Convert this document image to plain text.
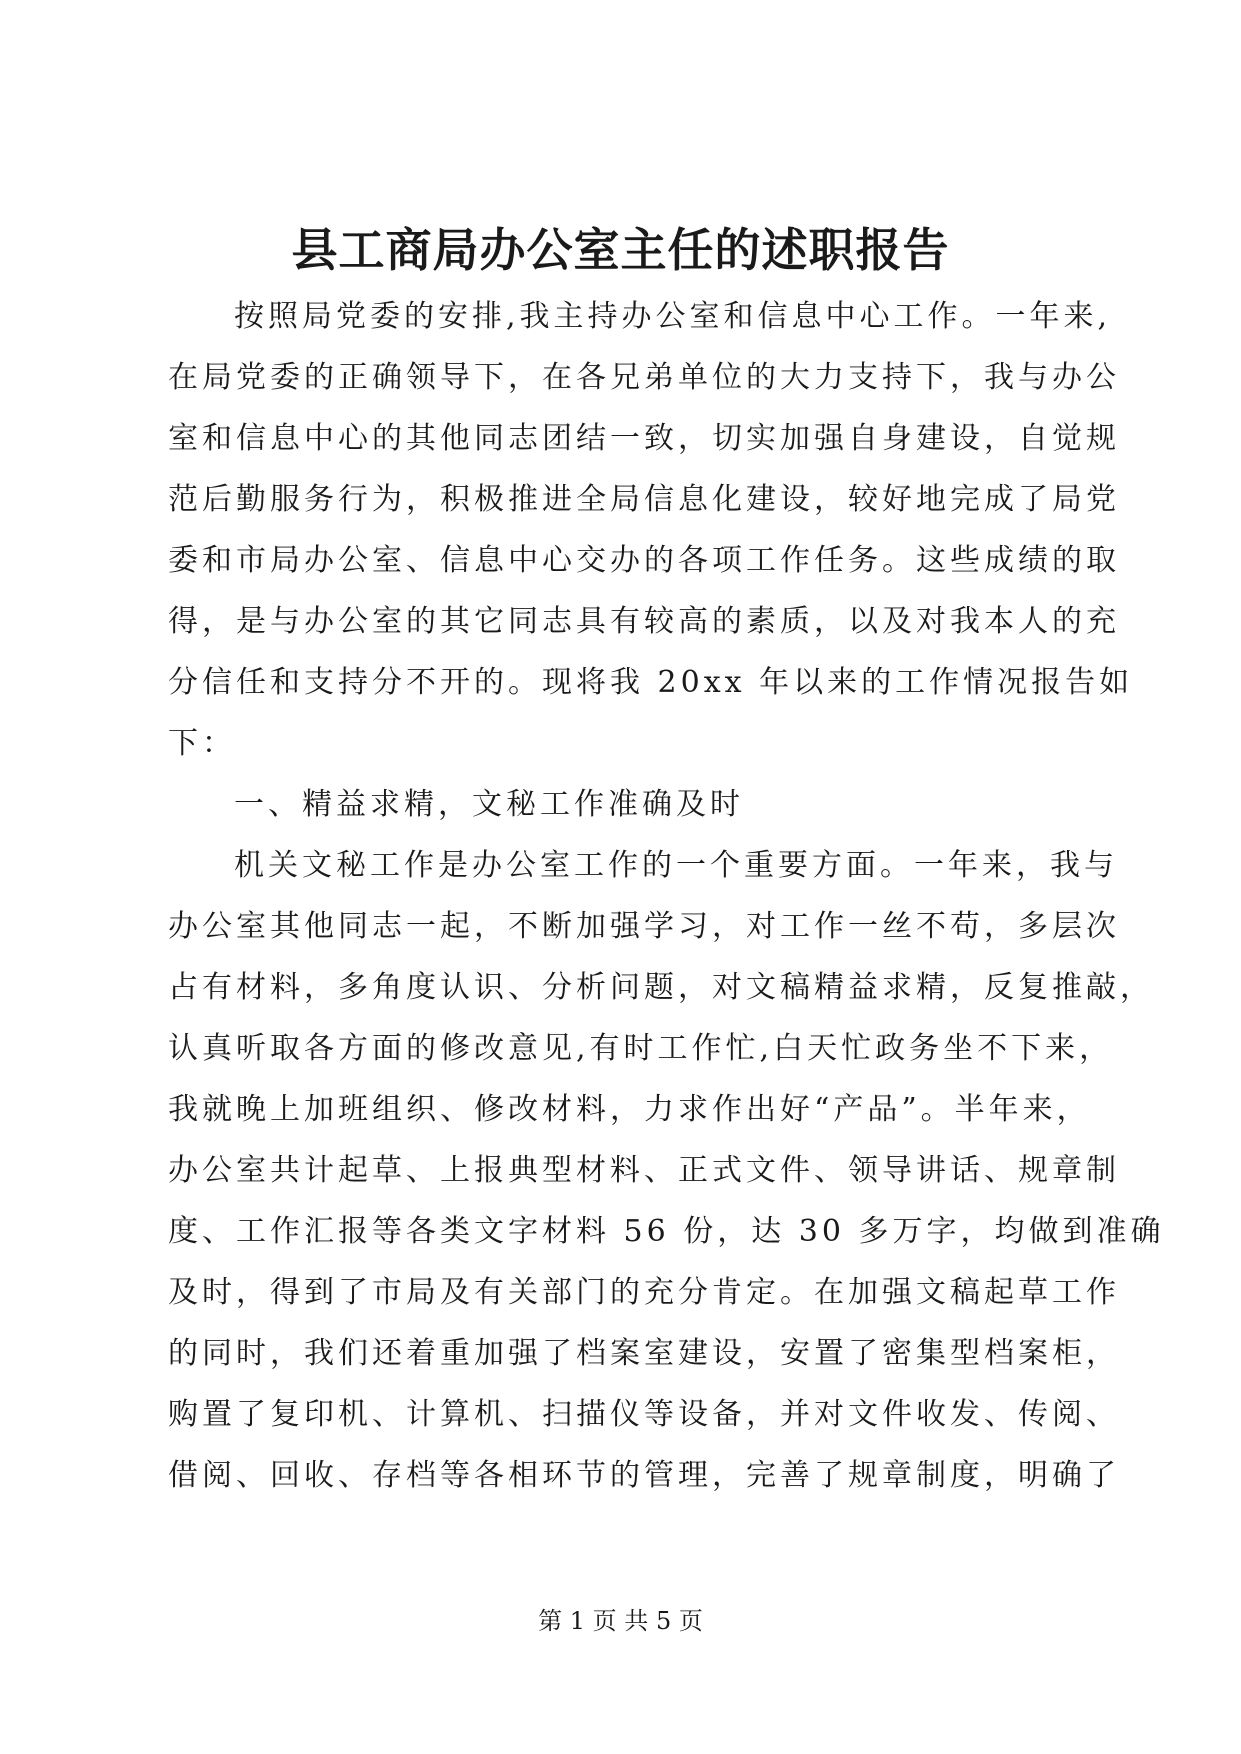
县工商局办公室主任的述职报告
按照局党委的安排,我主持办公室和信息中心工作。一年来,
在局党委的正确领导下，在各兄弟单位的大力支持下，我与办公
室和信息中心的其他同志团结一致，切实加强自身建设，自觉规
范后勤服务行为，积极推进全局信息化建设，较好地完成了局党
委和市局办公室、信息中心交办的各项工作任务。这些成绩的取
得，是与办公室的其它同志具有较高的素质，以及对我本人的充
分信任和支持分不开的。现将我 20xx 年以来的工作情况报告如
下：
一、精益求精，文秘工作准确及时
机关文秘工作是办公室工作的一个重要方面。一年来，我与
办公室其他同志一起，不断加强学习，对工作一丝不苟，多层次
占有材料，多角度认识、分析问题，对文稿精益求精，反复推敲，
认真听取各方面的修改意见,有时工作忙,白天忙政务坐不下来，
我就晚上加班组织、修改材料，力求作出好“产品”。半年来，
办公室共计起草、上报典型材料、正式文件、领导讲话、规章制
度、工作汇报等各类文字材料 56 份，达 30 多万字，均做到准确
及时，得到了市局及有关部门的充分肯定。在加强文稿起草工作
的同时，我们还着重加强了档案室建设，安置了密集型档案柜，
购置了复印机、计算机、扫描仪等设备，并对文件收发、传阅、
借阅、回收、存档等各相环节的管理，完善了规章制度，明确了
第 1 页 共 5 页
